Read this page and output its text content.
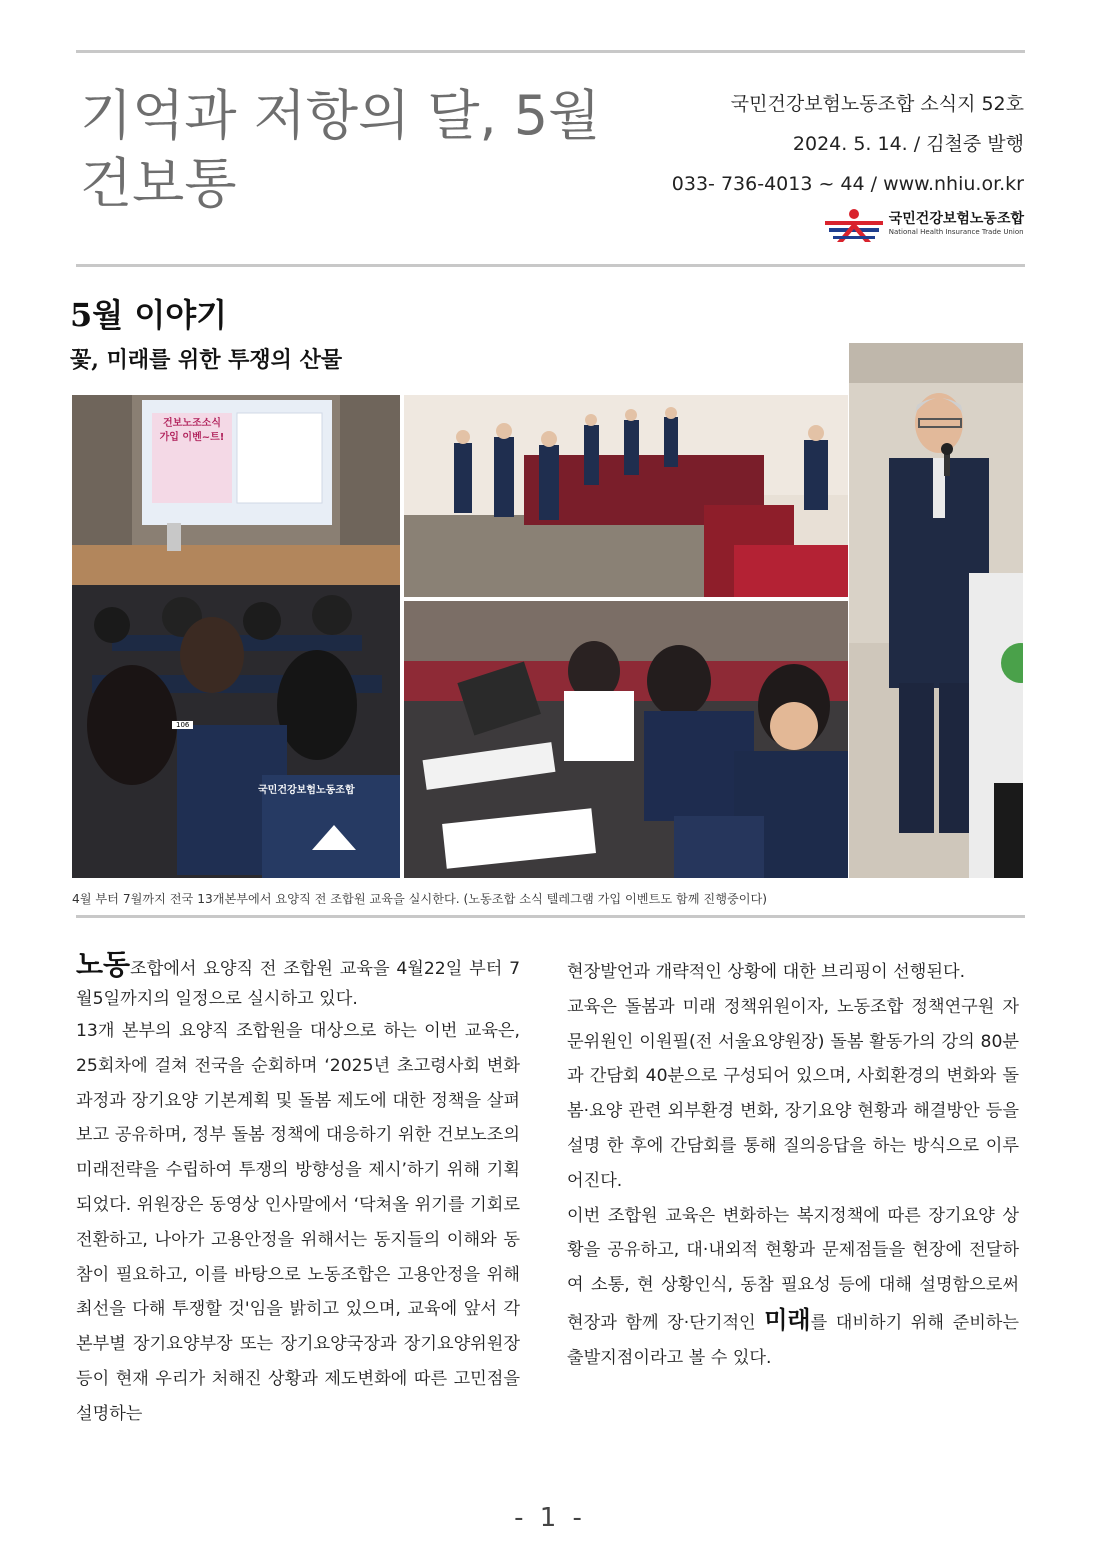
기억과 저항의 달, 5월
건보통
국민건강보험노동조합 소식지 52호
2024. 5. 14. / 김철중 발행
033- 736-4013 ~ 44 / www.nhiu.or.kr
국민건강보험노동조합
National Health Insurance Trade Union
5월 이야기
꽃, 미래를 위한 투쟁의 산물
건보노조소식
가입 이벤~트!
106
국민건강보험노동조합
4월 부터 7월까지 전국 13개본부에서 요양직 전 조합원 교육을 실시한다. (노동조합 소식 텔레그램 가입 이벤트도 함께 진행중이다)

노동조합에서 요양직 전 조합원 교육을 4월22일 부터 7월5일까지의 일정으로 실시하고 있다.

13개 본부의 요양직 조합원을 대상으로 하는 이번 교육은, 25회차에 걸쳐 전국을 순회하며 ‘2025년 초고령사회 변화과정과 장기요양 기본계획 및 돌봄 제도에 대한 정책을 살펴보고 공유하며, 정부 돌봄 정책에 대응하기 위한 건보노조의 미래전략을 수립하여 투쟁의 방향성을 제시’하기 위해 기획되었다. 위원장은 동영상 인사말에서 ‘닥쳐올 위기를 기회로 전환하고, 나아가 고용안정을 위해서는 동지들의 이해와 동참이 필요하고, 이를 바탕으로 노동조합은 고용안정을 위해 최선을 다해 투쟁할 것'임을 밝히고 있으며, 교육에 앞서 각 본부별 장기요양부장 또는 장기요양국장과 장기요양위원장 등이 현재 우리가 처해진 상황과 제도변화에 따른 고민점을 설명하는

현장발언과 개략적인 상황에 대한 브리핑이 선행된다.

교육은 돌봄과 미래 정책위원이자, 노동조합 정책연구원 자문위원인 이원필(전 서울요양원장) 돌봄 활동가의 강의 80분과 간담회 40분으로 구성되어 있으며, 사회환경의 변화와 돌봄·요양 관련 외부환경 변화, 장기요양 현황과 해결방안 등을 설명 한 후에 간담회를 통해 질의응답을 하는 방식으로 이루어진다.

이번 조합원 교육은 변화하는 복지정책에 따른 장기요양 상황을 공유하고, 대·내외적 현황과 문제점들을 현장에 전달하여 소통, 현 상황인식, 동참 필요성 등에 대해 설명함으로써 현장과 함께 장·단기적인 미래를 대비하기 위해 준비하는 출발지점이라고 볼 수 있다.

- 1 -
